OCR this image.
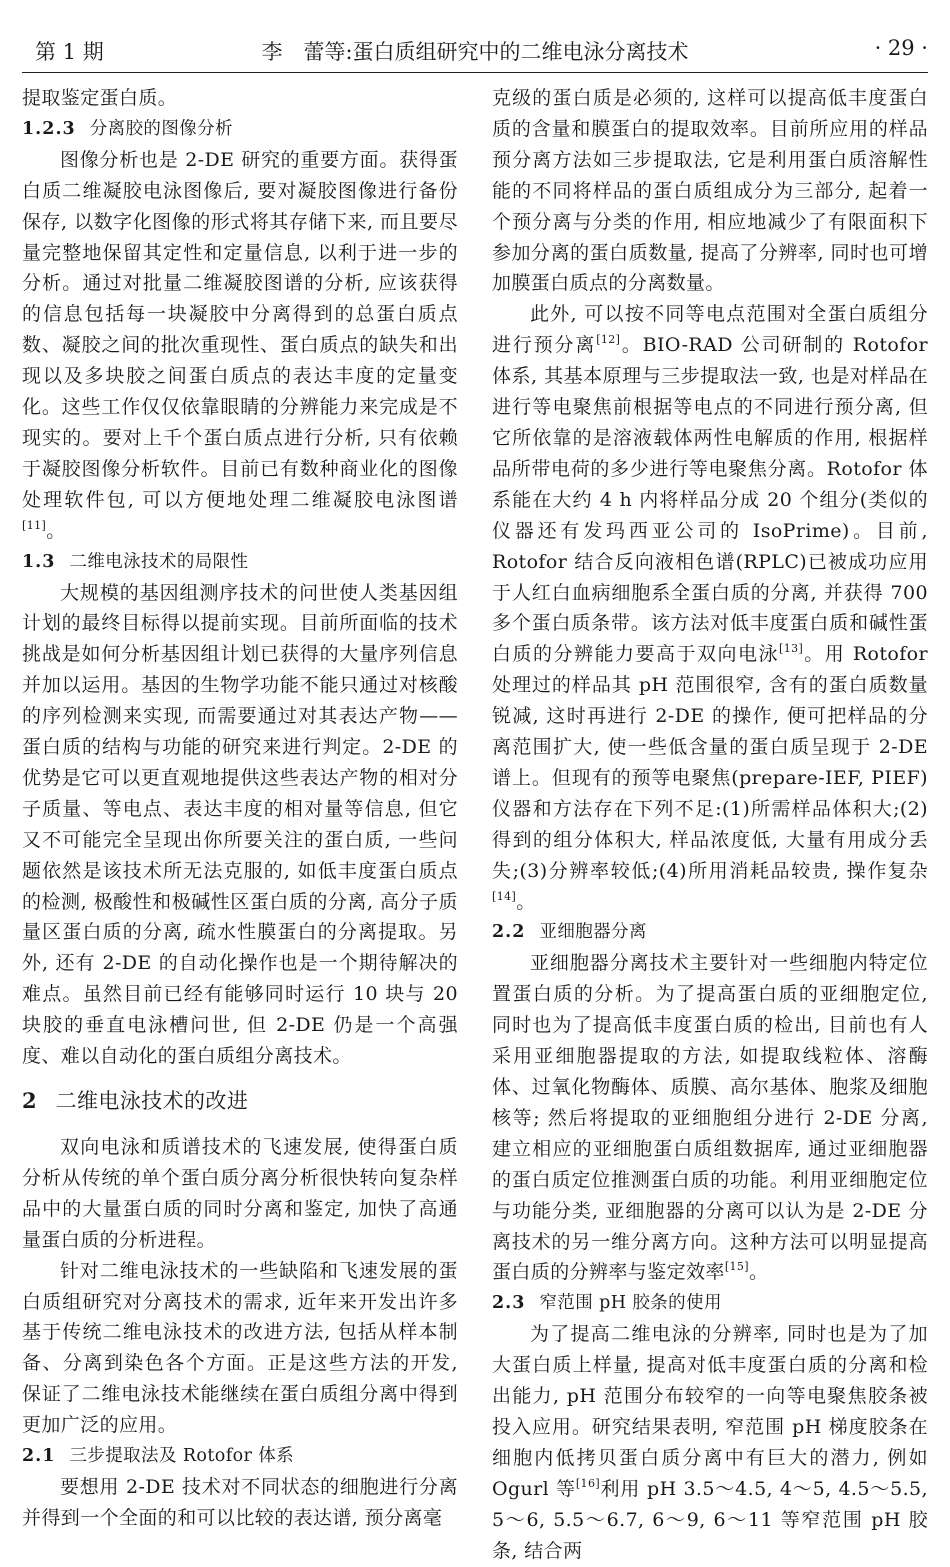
第 1 期	李　蕾等:蛋白质组研究中的二维电泳分离技术	· 29 ·

提取鉴定蛋白质。

1.2.3 分离胶的图像分析

图像分析也是 2-DE 研究的重要方面。获得蛋白质二维凝胶电泳图像后, 要对凝胶图像进行备份保存, 以数字化图像的形式将其存储下来, 而且要尽量完整地保留其定性和定量信息, 以利于进一步的分析。通过对批量二维凝胶图谱的分析, 应该获得的信息包括每一块凝胶中分离得到的总蛋白质点数、凝胶之间的批次重现性、蛋白质点的缺失和出现以及多块胶之间蛋白质点的表达丰度的定量变化。这些工作仅仅依靠眼睛的分辨能力来完成是不现实的。要对上千个蛋白质点进行分析, 只有依赖于凝胶图像分析软件。目前已有数种商业化的图像处理软件包, 可以方便地处理二维凝胶电泳图谱[11]。

1.3 二维电泳技术的局限性

大规模的基因组测序技术的问世使人类基因组计划的最终目标得以提前实现。目前所面临的技术挑战是如何分析基因组计划已获得的大量序列信息并加以运用。基因的生物学功能不能只通过对核酸的序列检测来实现, 而需要通过对其表达产物——蛋白质的结构与功能的研究来进行判定。2-DE 的优势是它可以更直观地提供这些表达产物的相对分子质量、等电点、表达丰度的相对量等信息, 但它又不可能完全呈现出你所要关注的蛋白质, 一些问题依然是该技术所无法克服的, 如低丰度蛋白质点的检测, 极酸性和极碱性区蛋白质的分离, 高分子质量区蛋白质的分离, 疏水性膜蛋白的分离提取。另外, 还有 2-DE 的自动化操作也是一个期待解决的难点。虽然目前已经有能够同时运行 10 块与 20 块胶的垂直电泳槽问世, 但 2-DE 仍是一个高强度、难以自动化的蛋白质组分离技术。

2 二维电泳技术的改进

双向电泳和质谱技术的飞速发展, 使得蛋白质分析从传统的单个蛋白质分离分析很快转向复杂样品中的大量蛋白质的同时分离和鉴定, 加快了高通量蛋白质的分析进程。

针对二维电泳技术的一些缺陷和飞速发展的蛋白质组研究对分离技术的需求, 近年来开发出许多基于传统二维电泳技术的改进方法, 包括从样本制备、分离到染色各个方面。正是这些方法的开发, 保证了二维电泳技术能继续在蛋白质组分离中得到更加广泛的应用。

2.1 三步提取法及 Rotofor 体系

要想用 2-DE 技术对不同状态的细胞进行分离并得到一个全面的和可以比较的表达谱, 预分离毫

克级的蛋白质是必须的, 这样可以提高低丰度蛋白质的含量和膜蛋白的提取效率。目前所应用的样品预分离方法如三步提取法, 它是利用蛋白质溶解性能的不同将样品的蛋白质组成分为三部分, 起着一个预分离与分类的作用, 相应地减少了有限面积下参加分离的蛋白质数量, 提高了分辨率, 同时也可增加膜蛋白质点的分离数量。

此外, 可以按不同等电点范围对全蛋白质组分进行预分离[12]。BIO-RAD 公司研制的 Rotofor 体系, 其基本原理与三步提取法一致, 也是对样品在进行等电聚焦前根据等电点的不同进行预分离, 但它所依靠的是溶液载体两性电解质的作用, 根据样品所带电荷的多少进行等电聚焦分离。Rotofor 体系能在大约 4 h 内将样品分成 20 个组分(类似的仪器还有发玛西亚公司的 IsoPrime)。目前, Rotofor 结合反向液相色谱(RPLC)已被成功应用于人红白血病细胞系全蛋白质的分离, 并获得 700 多个蛋白质条带。该方法对低丰度蛋白质和碱性蛋白质的分辨能力要高于双向电泳[13]。用 Rotofor 处理过的样品其 pH 范围很窄, 含有的蛋白质数量锐减, 这时再进行 2-DE 的操作, 便可把样品的分离范围扩大, 使一些低含量的蛋白质呈现于 2-DE 谱上。但现有的预等电聚焦(prepare-IEF, PIEF)仪器和方法存在下列不足:(1)所需样品体积大;(2)得到的组分体积大, 样品浓度低, 大量有用成分丢失;(3)分辨率较低;(4)所用消耗品较贵, 操作复杂[14]。

2.2 亚细胞器分离

亚细胞器分离技术主要针对一些细胞内特定位置蛋白质的分析。为了提高蛋白质的亚细胞定位, 同时也为了提高低丰度蛋白质的检出, 目前也有人采用亚细胞器提取的方法, 如提取线粒体、溶酶体、过氧化物酶体、质膜、高尔基体、胞浆及细胞核等; 然后将提取的亚细胞组分进行 2-DE 分离, 建立相应的亚细胞蛋白质组数据库, 通过亚细胞器的蛋白质定位推测蛋白质的功能。利用亚细胞定位与功能分类, 亚细胞器的分离可以认为是 2-DE 分离技术的另一维分离方向。这种方法可以明显提高蛋白质的分辨率与鉴定效率[15]。

2.3 窄范围 pH 胶条的使用

为了提高二维电泳的分辨率, 同时也是为了加大蛋白质上样量, 提高对低丰度蛋白质的分离和检出能力, pH 范围分布较窄的一向等电聚焦胶条被投入应用。研究结果表明, 窄范围 pH 梯度胶条在细胞内低拷贝蛋白质分离中有巨大的潜力, 例如 Ogurl 等[16]利用 pH 3.5～4.5, 4～5, 4.5～5.5, 5～6, 5.5～6.7, 6～9, 6～11 等窄范围 pH 胶条, 结合两
